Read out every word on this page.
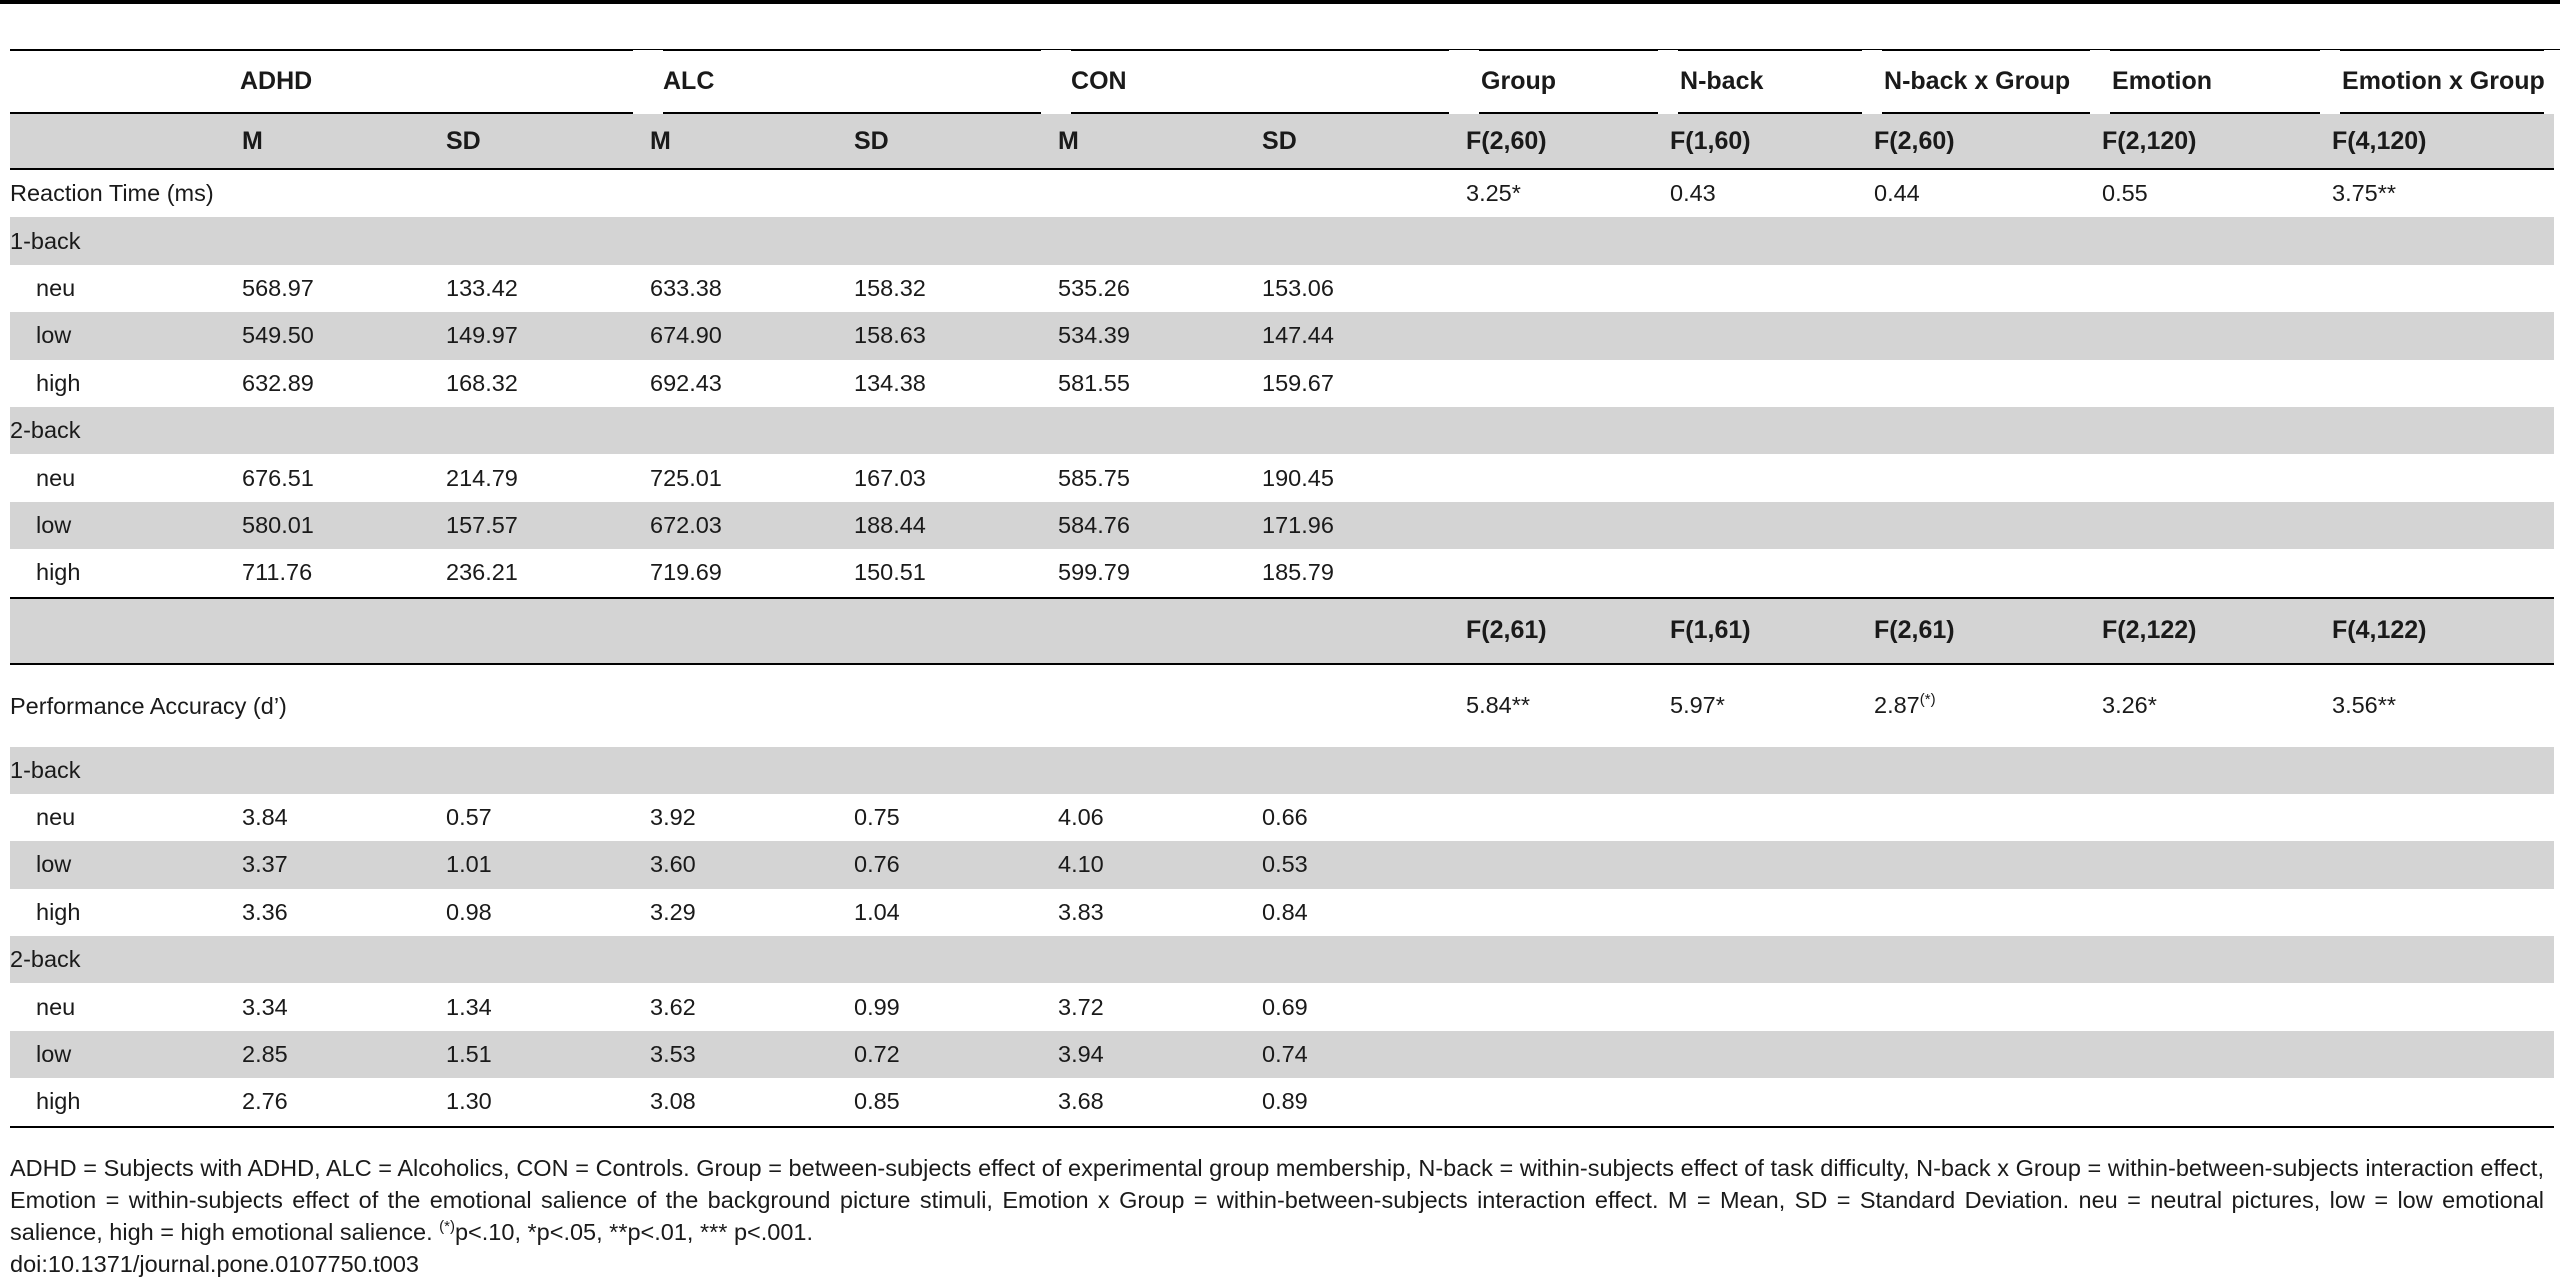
	ADHD		ALC		CON		Group	N-back	N-back x Group	Emotion	Emotion x Group
	M	SD	M	SD	M	SD	F(2,60)	F(1,60)	F(2,60)	F(2,120)	F(4,120)
Reaction Time (ms)							3.25*	0.43	0.44	0.55	3.75**
1-back											
neu	568.97	133.42	633.38	158.32	535.26	153.06					
low	549.50	149.97	674.90	158.63	534.39	147.44					
high	632.89	168.32	692.43	134.38	581.55	159.67					
2-back											
neu	676.51	214.79	725.01	167.03	585.75	190.45					
low	580.01	157.57	672.03	188.44	584.76	171.96					
high	711.76	236.21	719.69	150.51	599.79	185.79					
							F(2,61)	F(1,61)	F(2,61)	F(2,122)	F(4,122)
Performance Accuracy (d’)							5.84**	5.97*	2.87(*)	3.26*	3.56**
1-back											
neu	3.84	0.57	3.92	0.75	4.06	0.66					
low	3.37	1.01	3.60	0.76	4.10	0.53					
high	3.36	0.98	3.29	1.04	3.83	0.84					
2-back											
neu	3.34	1.34	3.62	0.99	3.72	0.69					
low	2.85	1.51	3.53	0.72	3.94	0.74					
high	2.76	1.30	3.08	0.85	3.68	0.89					
ADHD = Subjects with ADHD, ALC = Alcoholics, CON = Controls. Group = between-subjects effect of experimental group membership, N-back = within-subjects effect of task difficulty, N-back x Group = within-between-subjects interaction effect, Emotion = within-subjects effect of the emotional salience of the background picture stimuli, Emotion x Group = within-between-subjects interaction effect. M = Mean, SD = Standard Deviation. neu = neutral pictures, low = low emotional salience, high = high emotional salience. (*)p<.10, *p<.05, **p<.01, *** p<.001.
doi:10.1371/journal.pone.0107750.t003
